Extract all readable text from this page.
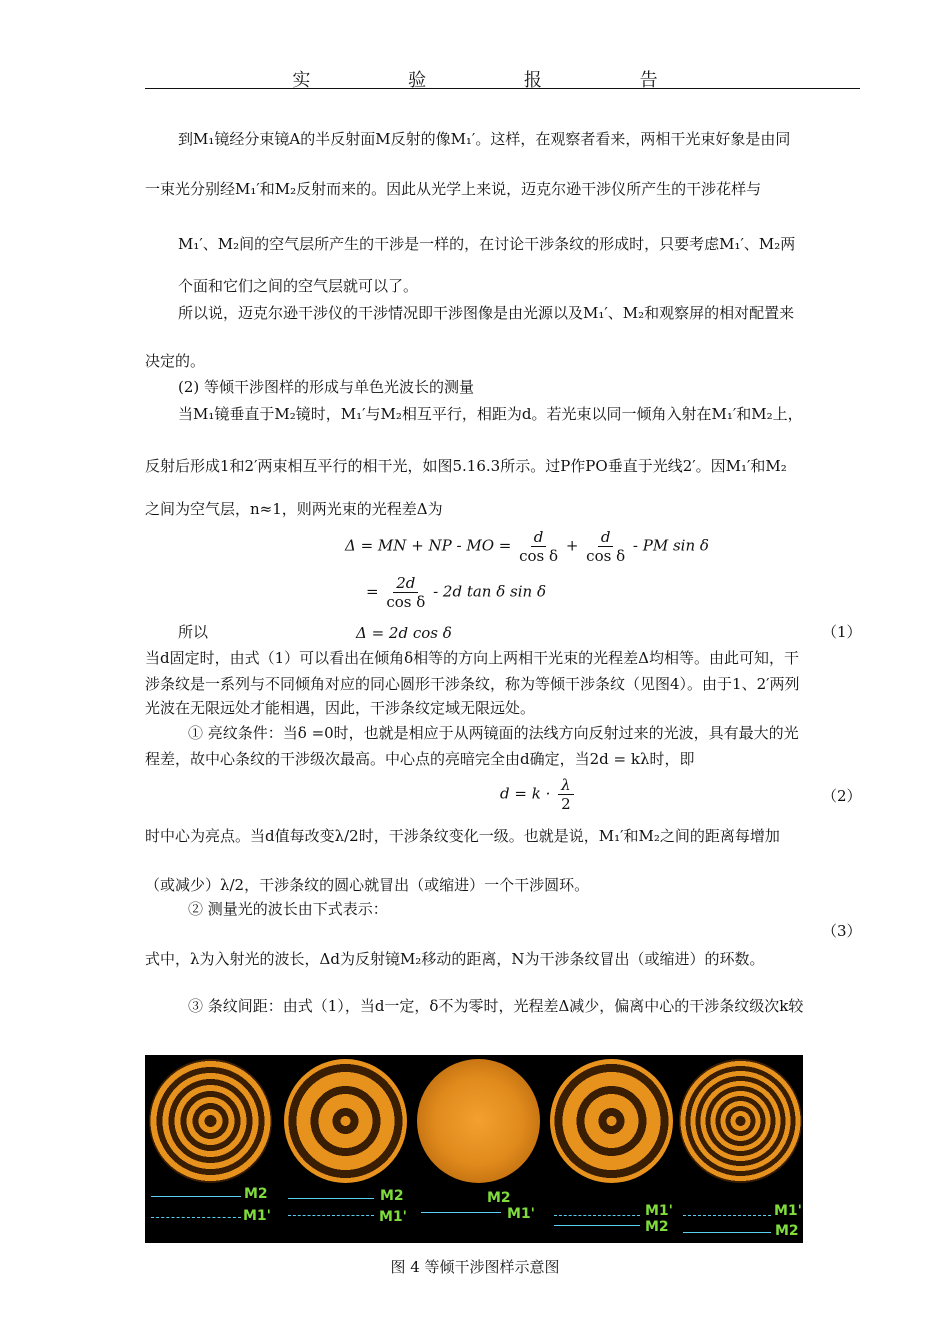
实 验 报 告
到M₁镜经分束镜A的半反射面M反射的像M₁′。这样，在观察者看来，两相干光束好象是由同
一束光分别经M₁′和M₂反射而来的。因此从光学上来说，迈克尔逊干涉仪所产生的干涉花样与
M₁′、M₂间的空气层所产生的干涉是一样的，在讨论干涉条纹的形成时，只要考虑M₁′、M₂两
个面和它们之间的空气层就可以了。
所以说，迈克尔逊干涉仪的干涉情况即干涉图像是由光源以及M₁′、M₂和观察屏的相对配置来
决定的。
(2) 等倾干涉图样的形成与单色光波长的测量
当M₁镜垂直于M₂镜时，M₁′与M₂相互平行，相距为d。若光束以同一倾角入射在M₁′和M₂上，
反射后形成1和2′两束相互平行的相干光，如图5.16.3所示。过P作PO垂直于光线2′。因M₁′和M₂
之间为空气层，n≈1，则两光束的光程差Δ为
Δ = MN + NP - MO = $\frac{d}{\text{cos δ}} + \frac{d}{\text{cos δ}}$ - PM sin δ
= $\frac{2d}{\text{cos δ}} - 2d$ tan δ sin δ
所以	Δ = 2d cos δ	（1）
当d固定时，由式（1）可以看出在倾角δ相等的方向上两相干光束的光程差Δ均相等。由此可知，干
涉条纹是一系列与不同倾角对应的同心圆形干涉条纹，称为等倾干涉条纹（见图4）。由于1、2′两列
光波在无限远处才能相遇，因此，干涉条纹定域无限远处。
① 亮纹条件：当δ =0时，也就是相应于从两镜面的法线方向反射过来的光波，具有最大的光
程差，故中心条纹的干涉级次最高。中心点的亮暗完全由d确定，当2d = kλ时，即
$d = k \cdot \frac{\lambda}{2}$	（2）
时中心为亮点。当d值每改变λ/2时，干涉条纹变化一级。也就是说，M₁′和M₂之间的距离每增加
（或减少）λ/2，干涉条纹的圆心就冒出（或缩进）一个干涉圆环。
② 测量光的波长由下式表示：
（3）
式中，λ为入射光的波长，Δd为反射镜M₂移动的距离，N为干涉条纹冒出（或缩进）的环数。
③ 条纹间距：由式（1），当d一定，δ不为零时，光程差Δ减少，偏离中心的干涉条纹级次k较
M2
M1'
M2
M1'
M2
M1'	M1'
M2
M1'
M2
图 4 等倾干涉图样示意图
